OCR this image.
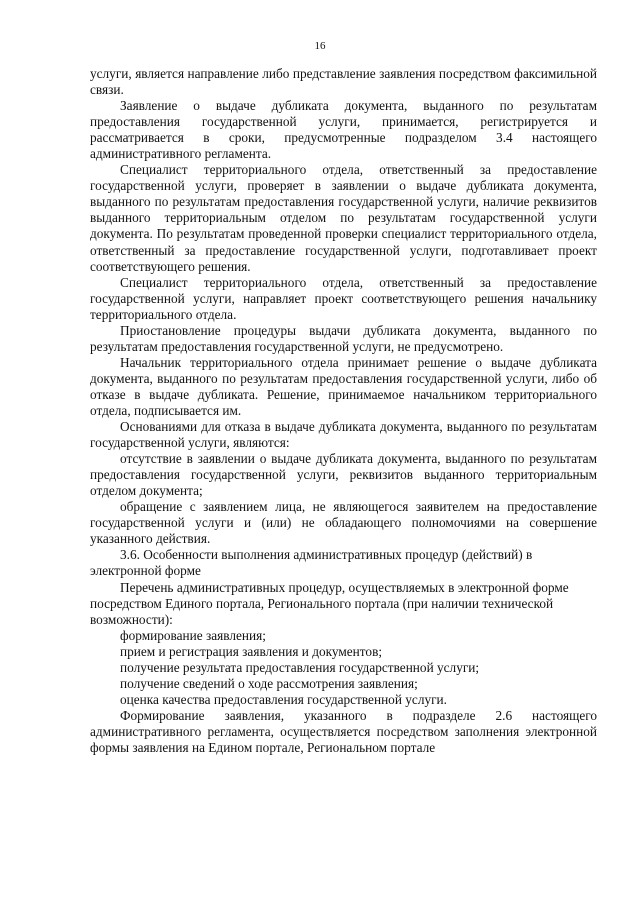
16

услуги, является направление либо представление заявления посредством факсимильной связи.

Заявление о выдаче дубликата документа, выданного по результатам предоставления государственной услуги, принимается, регистрируется и рассматривается в сроки, предусмотренные подразделом 3.4 настоящего административного регламента.

Специалист территориального отдела, ответственный за предоставление государственной услуги, проверяет в заявлении о выдаче дубликата документа, выданного по результатам предоставления государственной услуги, наличие реквизитов выданного территориальным отделом по результатам государственной услуги документа. По результатам проведенной проверки специалист территориального отдела, ответственный за предоставление государственной услуги, подготавливает проект соответствующего решения.

Специалист территориального отдела, ответственный за предоставление государственной услуги, направляет проект соответствующего решения начальнику территориального отдела.

Приостановление процедуры выдачи дубликата документа, выданного по результатам предоставления государственной услуги, не предусмотрено.

Начальник территориального отдела принимает решение о выдаче дубликата документа, выданного по результатам предоставления государственной услуги, либо об отказе в выдаче дубликата. Решение, принимаемое начальником территориального отдела, подписывается им.

Основаниями для отказа в выдаче дубликата документа, выданного по результатам государственной услуги, являются:

отсутствие в заявлении о выдаче дубликата документа, выданного по результатам предоставления государственной услуги, реквизитов выданного территориальным отделом документа;

обращение с заявлением лица, не являющегося заявителем на предоставление государственной услуги и (или) не обладающего полномочиями на совершение указанного действия.

3.6. Особенности выполнения административных процедур (действий) в электронной форме

Перечень административных процедур, осуществляемых в электронной форме посредством Единого портала, Регионального портала (при наличии технической возможности):

формирование заявления;

прием и регистрация заявления и документов;

получение результата предоставления государственной услуги;

получение сведений о ходе рассмотрения заявления;

оценка качества предоставления государственной услуги.

Формирование заявления, указанного в подразделе 2.6 настоящего административного регламента, осуществляется посредством заполнения электронной формы заявления на Едином портале, Региональном портале
